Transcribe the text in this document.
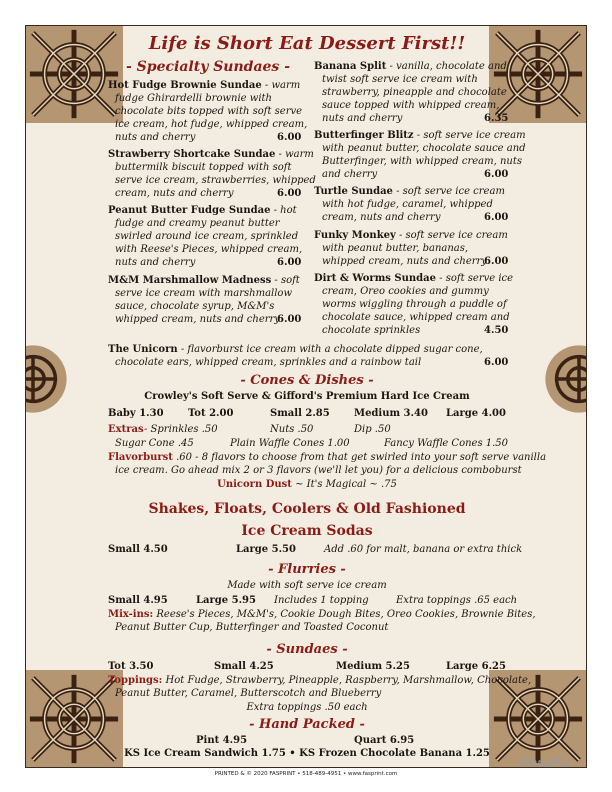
Life is Short Eat Dessert First!!
- Specialty Sundaes -
Hot Fudge Brownie Sundae - warm
fudge Ghirardelli brownie with
chocolate bits topped with soft serve
ice cream, hot fudge, whipped cream,
nuts and cherry	6.00
Strawberry Shortcake Sundae - warm
buttermilk biscuit topped with soft
serve ice cream, strawberries, whipped
cream, nuts and cherry	6.00
Peanut Butter Fudge Sundae - hot
fudge and creamy peanut butter
swirled around ice cream, sprinkled
with Reese's Pieces, whipped cream,
nuts and cherry	6.00
M&M Marshmallow Madness - soft
serve ice cream with marshmallow
sauce, chocolate syrup, M&M's
whipped cream, nuts and cherry
6.00
Banana Split - vanilla, chocolate and
twist soft serve ice cream with
strawberry, pineapple and chocolate
sauce topped with whipped cream,
nuts and cherry	6.35
Butterfinger Blitz - soft serve ice cream
with peanut butter, chocolate sauce and
Butterfinger, with whipped cream, nuts
and cherry	6.00
Turtle Sundae - soft serve ice cream
with hot fudge, caramel, whipped
cream, nuts and cherry	6.00
Funky Monkey - soft serve ice cream
with peanut butter, bananas,
whipped cream, nuts and cherry
6.00
Dirt & Worms Sundae - soft serve ice
cream, Oreo cookies and gummy
worms wiggling through a puddle of
chocolate sauce, whipped cream and
chocolate sprinkles	4.50
The Unicorn - flavorburst ice cream with a chocolate dipped sugar cone,
chocolate ears, whipped cream, sprinkles and a rainbow tail	6.00
- Cones & Dishes -
Crowley's Soft Serve & Gifford's Premium Hard Ice Cream
Baby 1.30 Tot 2.00	Small 2.85 Medium 3.40 Large 4.00
Extras - Sprinkles .50	Nuts .50	Dip .50
Sugar Cone .45	Plain Waffle Cones 1.00	Fancy Waffle Cones 1.50
Flavorburst .60 - 8 flavors to choose from that get swirled into your soft serve vanilla
ice cream. Go ahead mix 2 or 3 flavors (we'll let you) for a delicious comboburst
Unicorn Dust ~ It's Magical ~ .75
Shakes, Floats, Coolers & Old Fashioned
Ice Cream Sodas
Small 4.50	Large 5.50	Add .60 for malt, banana or extra thick
- Flurries -
Made with soft serve ice cream
Small 4.95	Large 5.95 Includes 1 topping	Extra toppings .65 each
Mix-ins: Reese's Pieces, M&M's, Cookie Dough Bites, Oreo Cookies, Brownie Bites,
Peanut Butter Cup, Butterfinger and Toasted Coconut
- Sundaes -
Tot 3.50	Small 4.25	Medium 5.25	Large 6.25
Toppings: Hot Fudge, Strawberry, Pineapple, Raspberry, Marshmallow, Chocolate,
Peanut Butter, Caramel, Butterscotch and Blueberry
Extra toppings .50 each
- Hand Packed -
Pint 4.95	Quart 6.95
KS Ice Cream Sandwich 1.75 • KS Frozen Chocolate Banana 1.25
MenuPix
PRINTED & © 2020 FASPRINT • 518-489-4951 • www.fasprint.com
